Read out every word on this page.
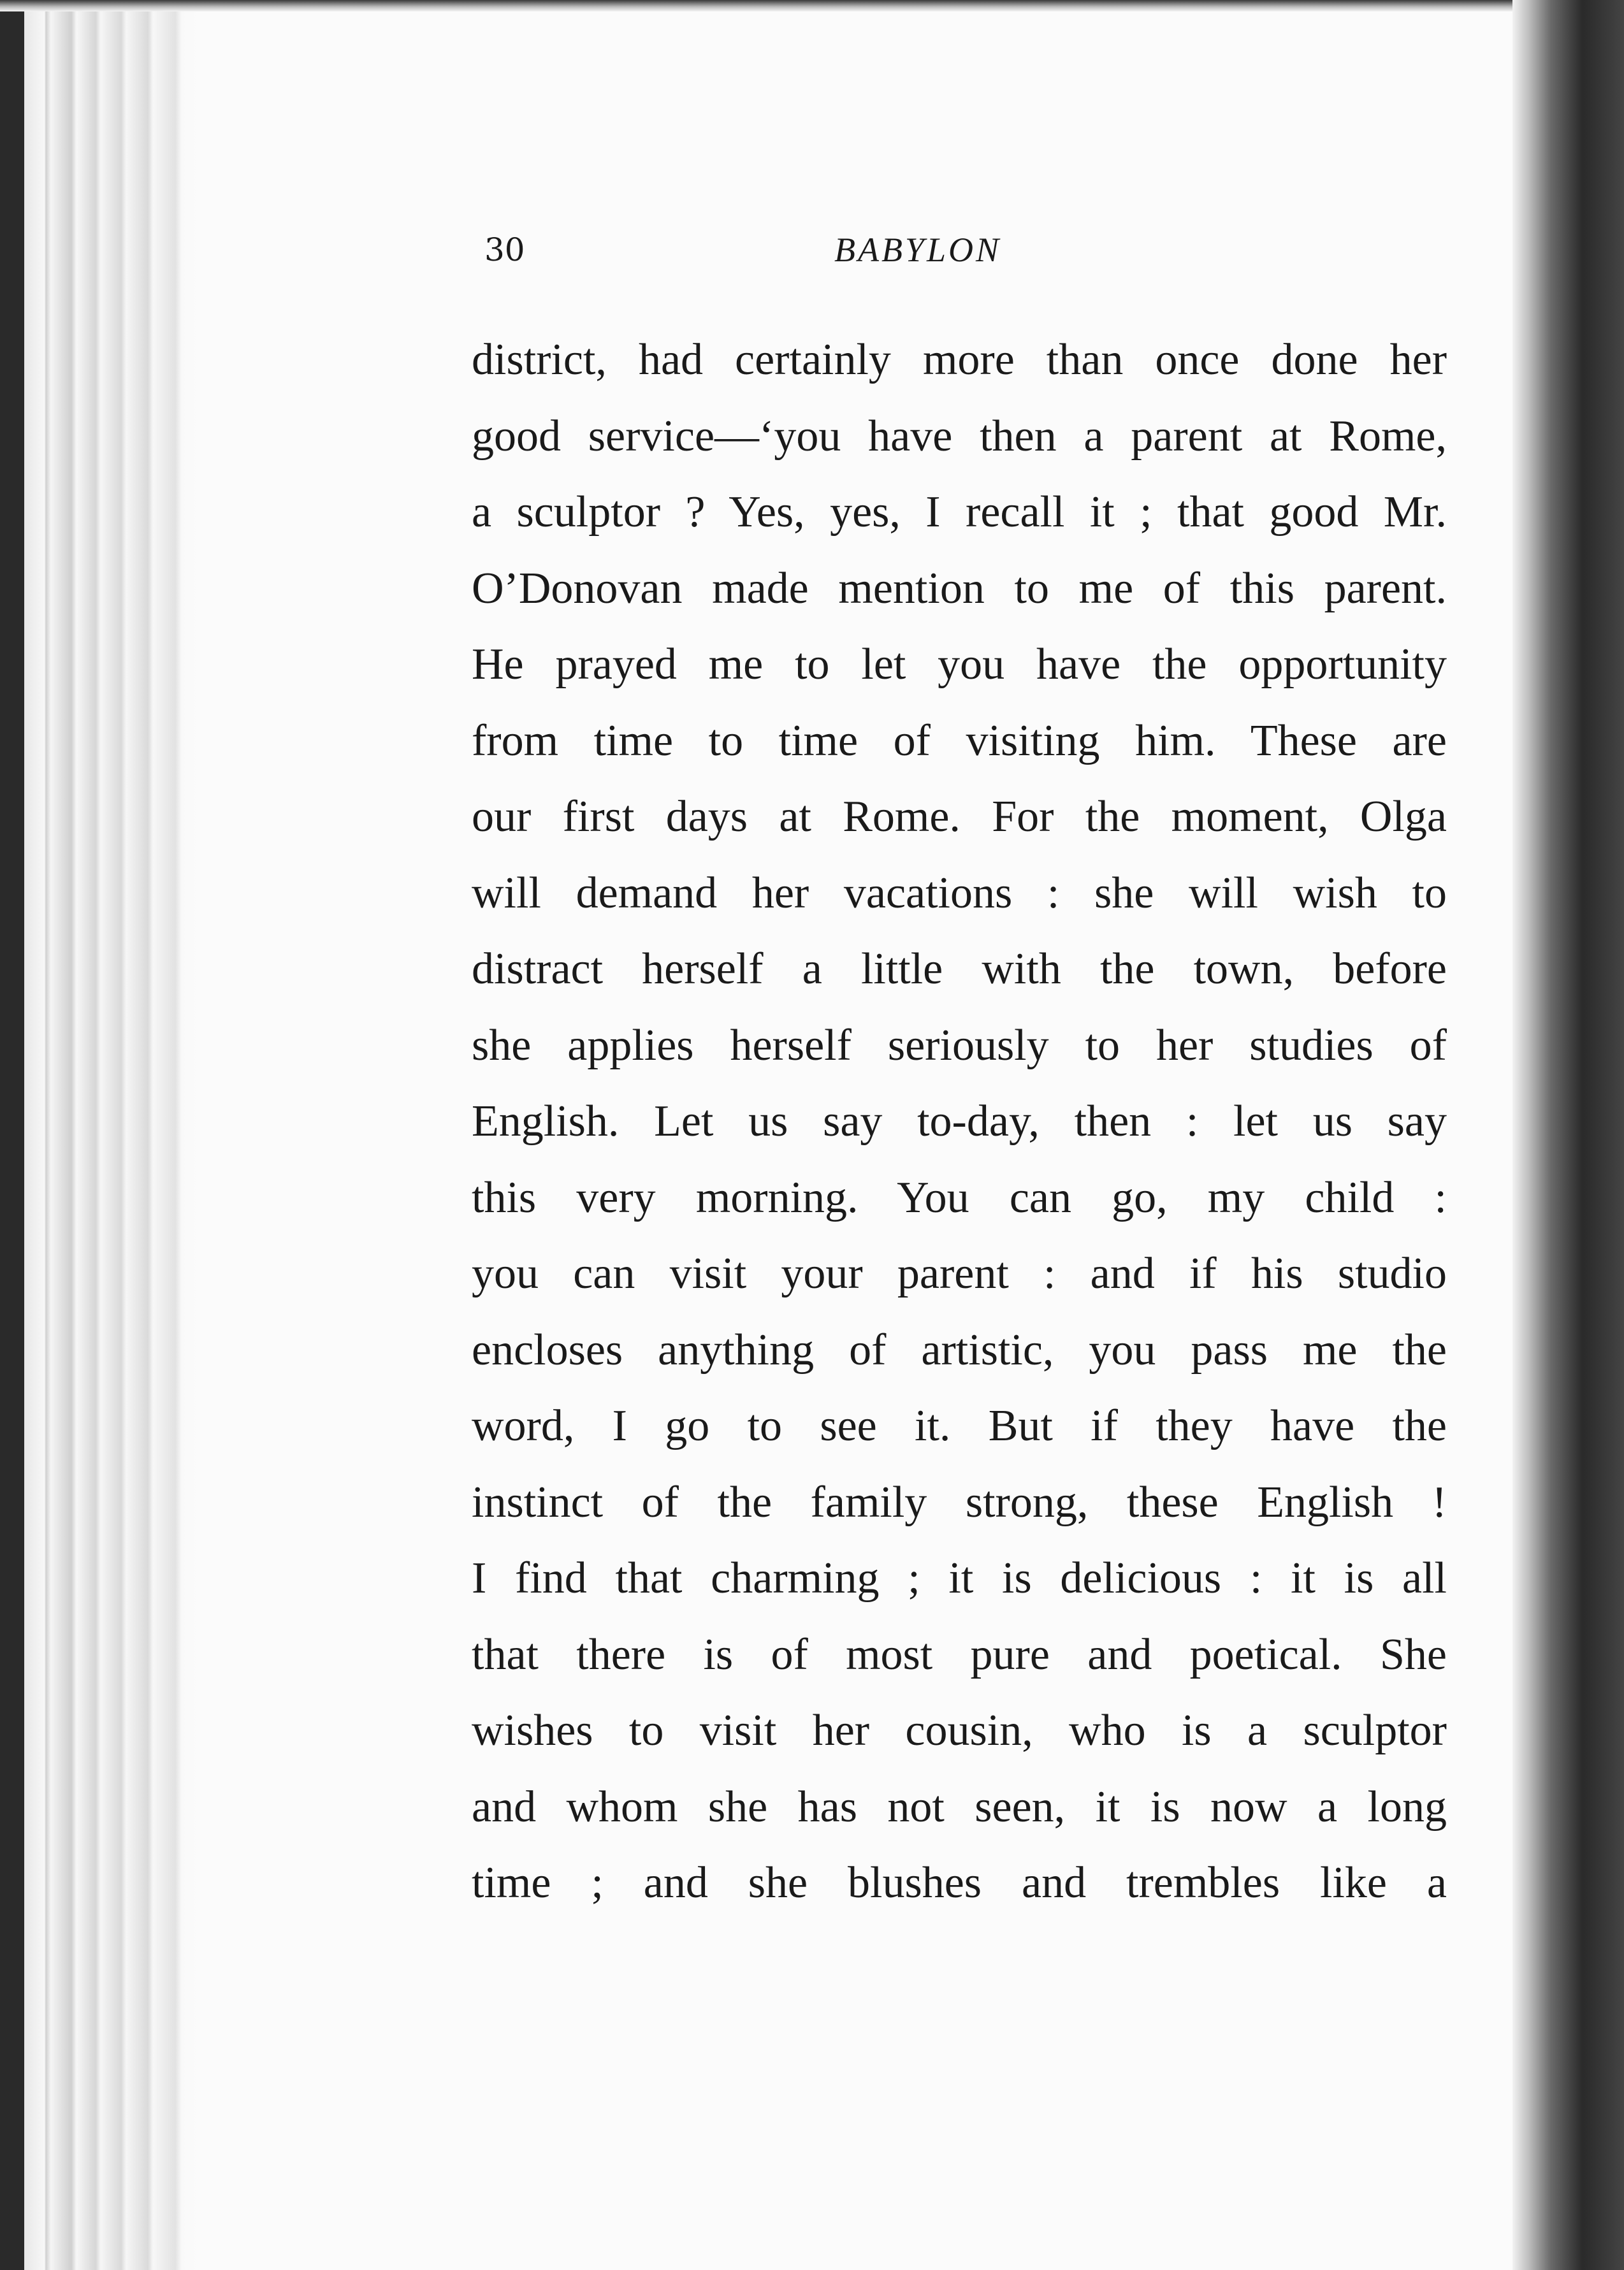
30	BABYLON
district, had certainly more than once done her
good service—‘you have then a parent at Rome,
a sculptor ? Yes, yes, I recall it ; that good Mr.
O’Donovan made mention to me of this parent.
He prayed me to let you have the opportunity
from time to time of visiting him. These are
our first days at Rome. For the moment, Olga
will demand her vacations : she will wish to
distract herself a little with the town, before
she applies herself seriously to her studies of
English. Let us say to-day, then : let us say
this very morning. You can go, my child :
you can visit your parent : and if his studio
encloses anything of artistic, you pass me the
word, I go to see it. But if they have the
instinct of the family strong, these English !
I find that charming ; it is delicious : it is all
that there is of most pure and poetical. She
wishes to visit her cousin, who is a sculptor
and whom she has not seen, it is now a long
time ; and she blushes and trembles like a
